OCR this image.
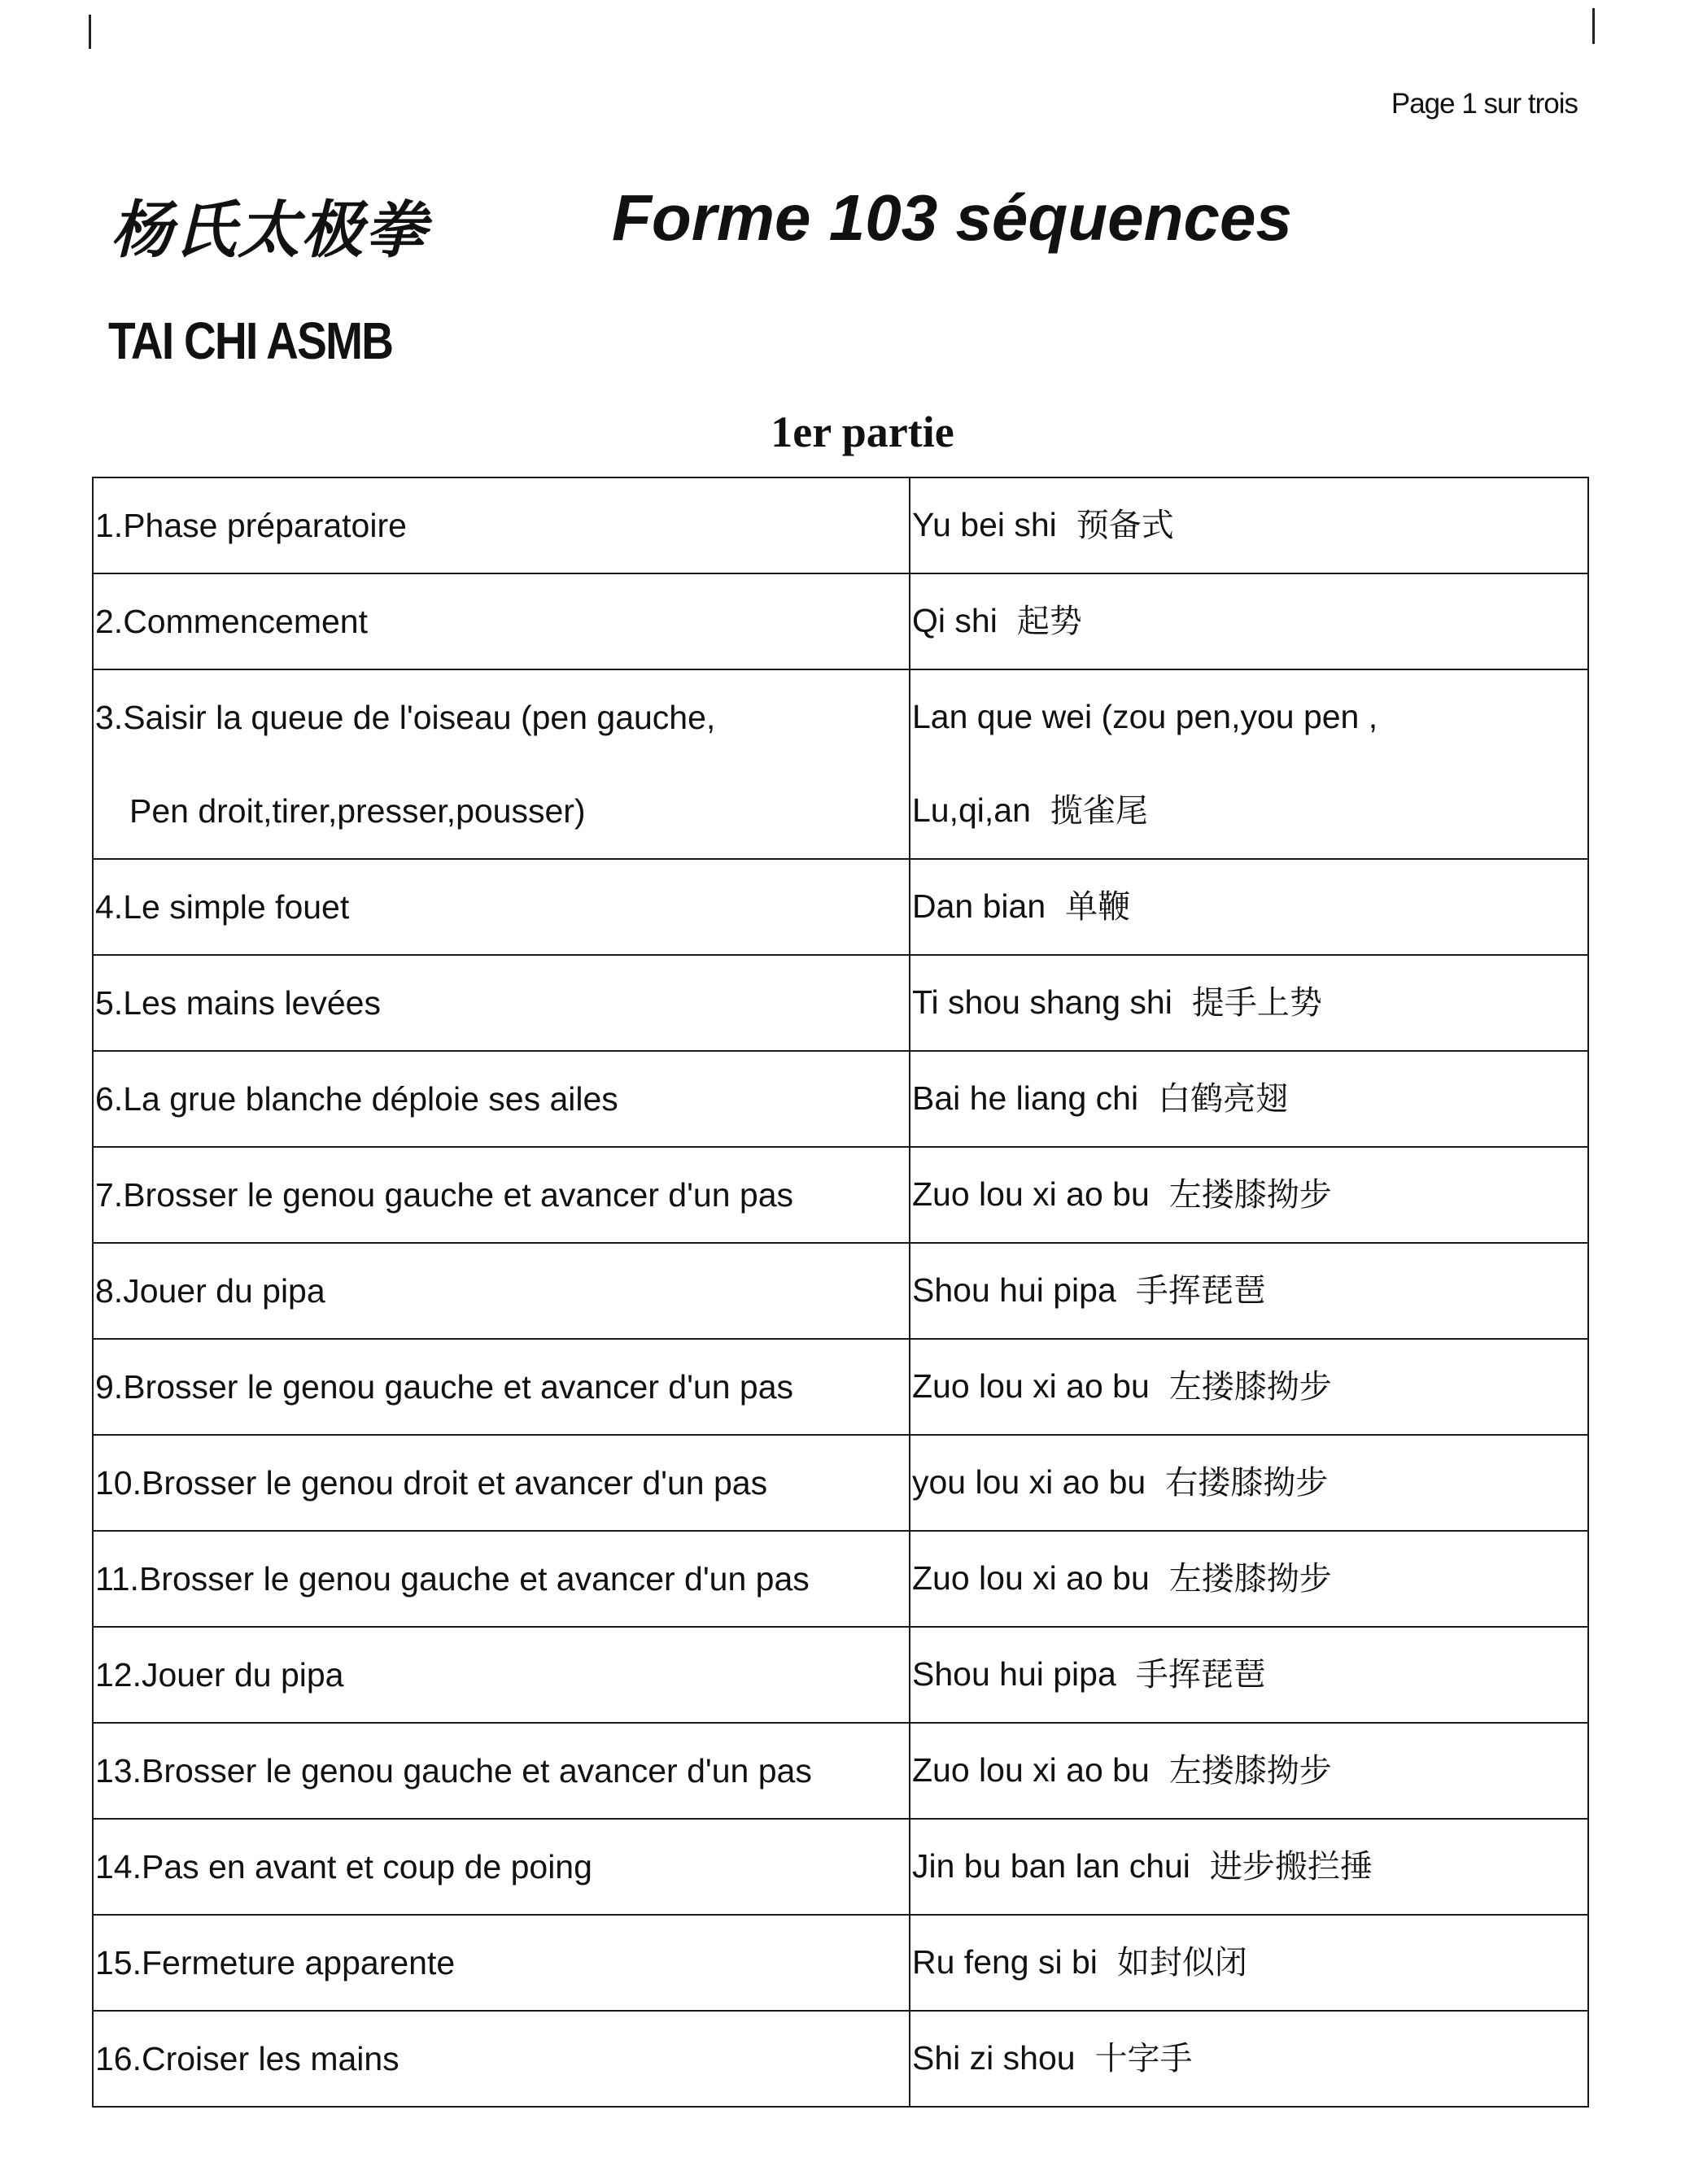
Page 1 sur trois
杨氏太极拳	Forme 103 séquences
TAI CHI ASMB
1er partie
1.Phase préparatoire	Yu bei shi 预备式

2.Commencement	Qi shi 起势

3.Saisir la queue de l'oiseau (pen gauche,
Pen droit,tirer,presser,pousser)	Lan que wei (zou pen,you pen ,
Lu,qi,an 揽雀尾

4.Le simple fouet	Dan bian 单鞭

5.Les mains levées	Ti shou shang shi 提手上势

6.La grue blanche déploie ses ailes	Bai he liang chi 白鹤亮翅

7.Brosser le genou gauche et avancer d'un pas	Zuo lou xi ao bu 左搂膝拗步

8.Jouer du pipa	Shou hui pipa 手挥琵琶

9.Brosser le genou gauche et avancer d'un pas	Zuo lou xi ao bu 左搂膝拗步

10.Brosser le genou droit et avancer d'un pas	you lou xi ao bu 右搂膝拗步

11.Brosser le genou gauche et avancer d'un pas	Zuo lou xi ao bu 左搂膝拗步

12.Jouer du pipa	Shou hui pipa 手挥琵琶

13.Brosser le genou gauche et avancer d'un pas	Zuo lou xi ao bu 左搂膝拗步

14.Pas en avant et coup de poing	Jin bu ban lan chui 进步搬拦捶

15.Fermeture apparente	Ru feng si bi 如封似闭

16.Croiser les mains	Shi zi shou 十字手
